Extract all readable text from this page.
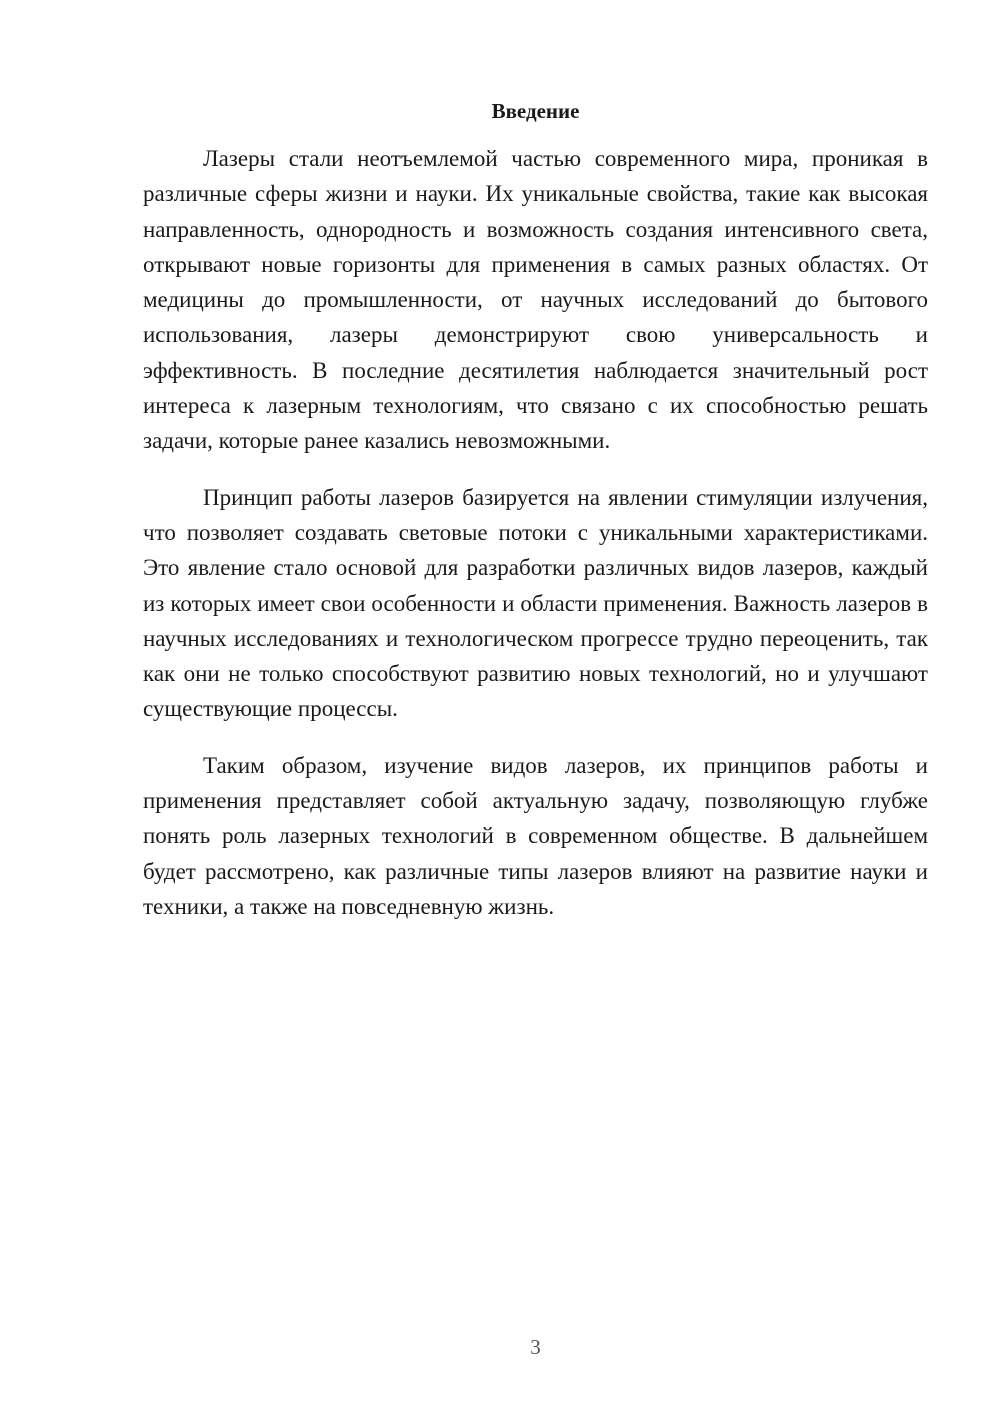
Введение

Лазеры стали неотъемлемой частью современного мира, проникая в различные сферы жизни и науки. Их уникальные свойства, такие как высокая направленность, однородность и возможность создания интенсивного света, открывают новые горизонты для применения в самых разных областях. От медицины до промышленности, от научных исследований до бытового использования, лазеры демонстрируют свою универсальность и эффективность. В последние десятилетия наблюдается значительный рост интереса к лазерным технологиям, что связано с их способностью решать задачи, которые ранее казались невозможными.

Принцип работы лазеров базируется на явлении стимуляции излучения, что позволяет создавать световые потоки с уникальными характеристиками. Это явление стало основой для разработки различных видов лазеров, каждый из которых имеет свои особенности и области применения. Важность лазеров в научных исследованиях и технологическом прогрессе трудно переоценить, так как они не только способствуют развитию новых технологий, но и улучшают существующие процессы.

Таким образом, изучение видов лазеров, их принципов работы и применения представляет собой актуальную задачу, позволяющую глубже понять роль лазерных технологий в современном обществе. В дальнейшем будет рассмотрено, как различные типы лазеров влияют на развитие науки и техники, а также на повседневную жизнь.

3
